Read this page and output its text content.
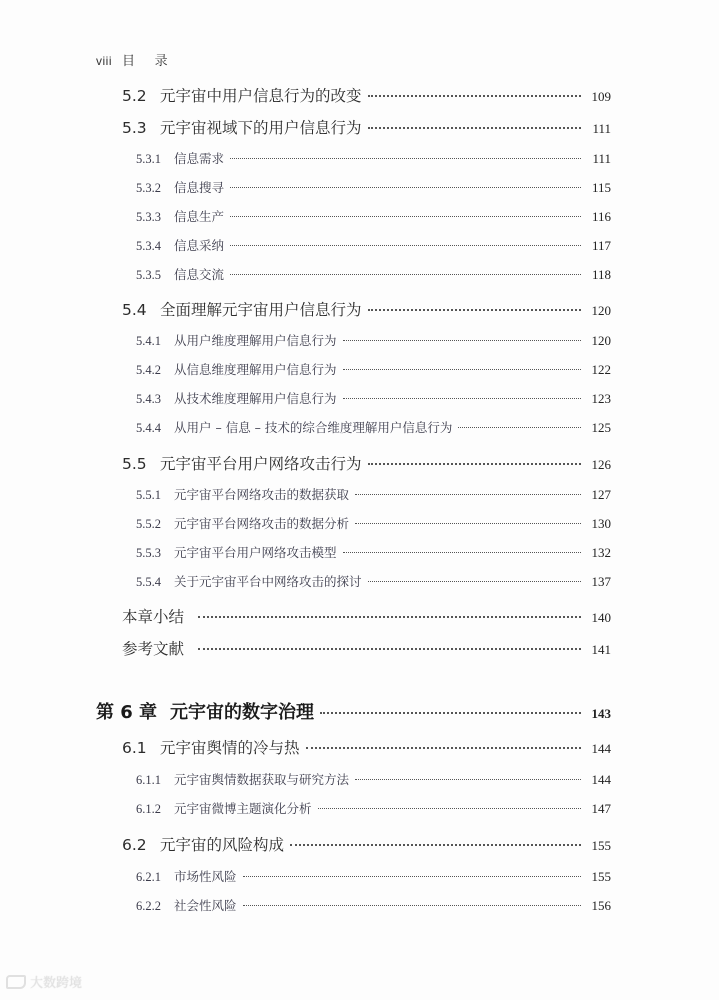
viii 目 录
5.2 元宇宙中用户信息行为的改变	109
5.3 元宇宙视域下的用户信息行为	111
5.3.1	信息需求	111
5.3.2	信息搜寻	115
5.3.3	信息生产	116
5.3.4	信息采纳	117
5.3.5	信息交流	118
5.4 全面理解元宇宙用户信息行为	120
5.4.1	从用户维度理解用户信息行为	120
5.4.2	从信息维度理解用户信息行为	122
5.4.3	从技术维度理解用户信息行为	123
5.4.4	从用户 – 信息 – 技术的综合维度理解用户信息行为	125
5.5 元宇宙平台用户网络攻击行为	126
5.5.1	元宇宙平台网络攻击的数据获取	127
5.5.2	元宇宙平台网络攻击的数据分析	130
5.5.3	元宇宙平台用户网络攻击模型	132
5.5.4	关于元宇宙平台中网络攻击的探讨	137
本章小结	140
参考文献	141
第 6 章 元宇宙的数字治理	143
6.1 元宇宙舆情的冷与热	144
6.1.1	元宇宙舆情数据获取与研究方法	144
6.1.2	元宇宙微博主题演化分析	147
6.2 元宇宙的风险构成	155
6.2.1	市场性风险	155
6.2.2	社会性风险	156
大数跨境
